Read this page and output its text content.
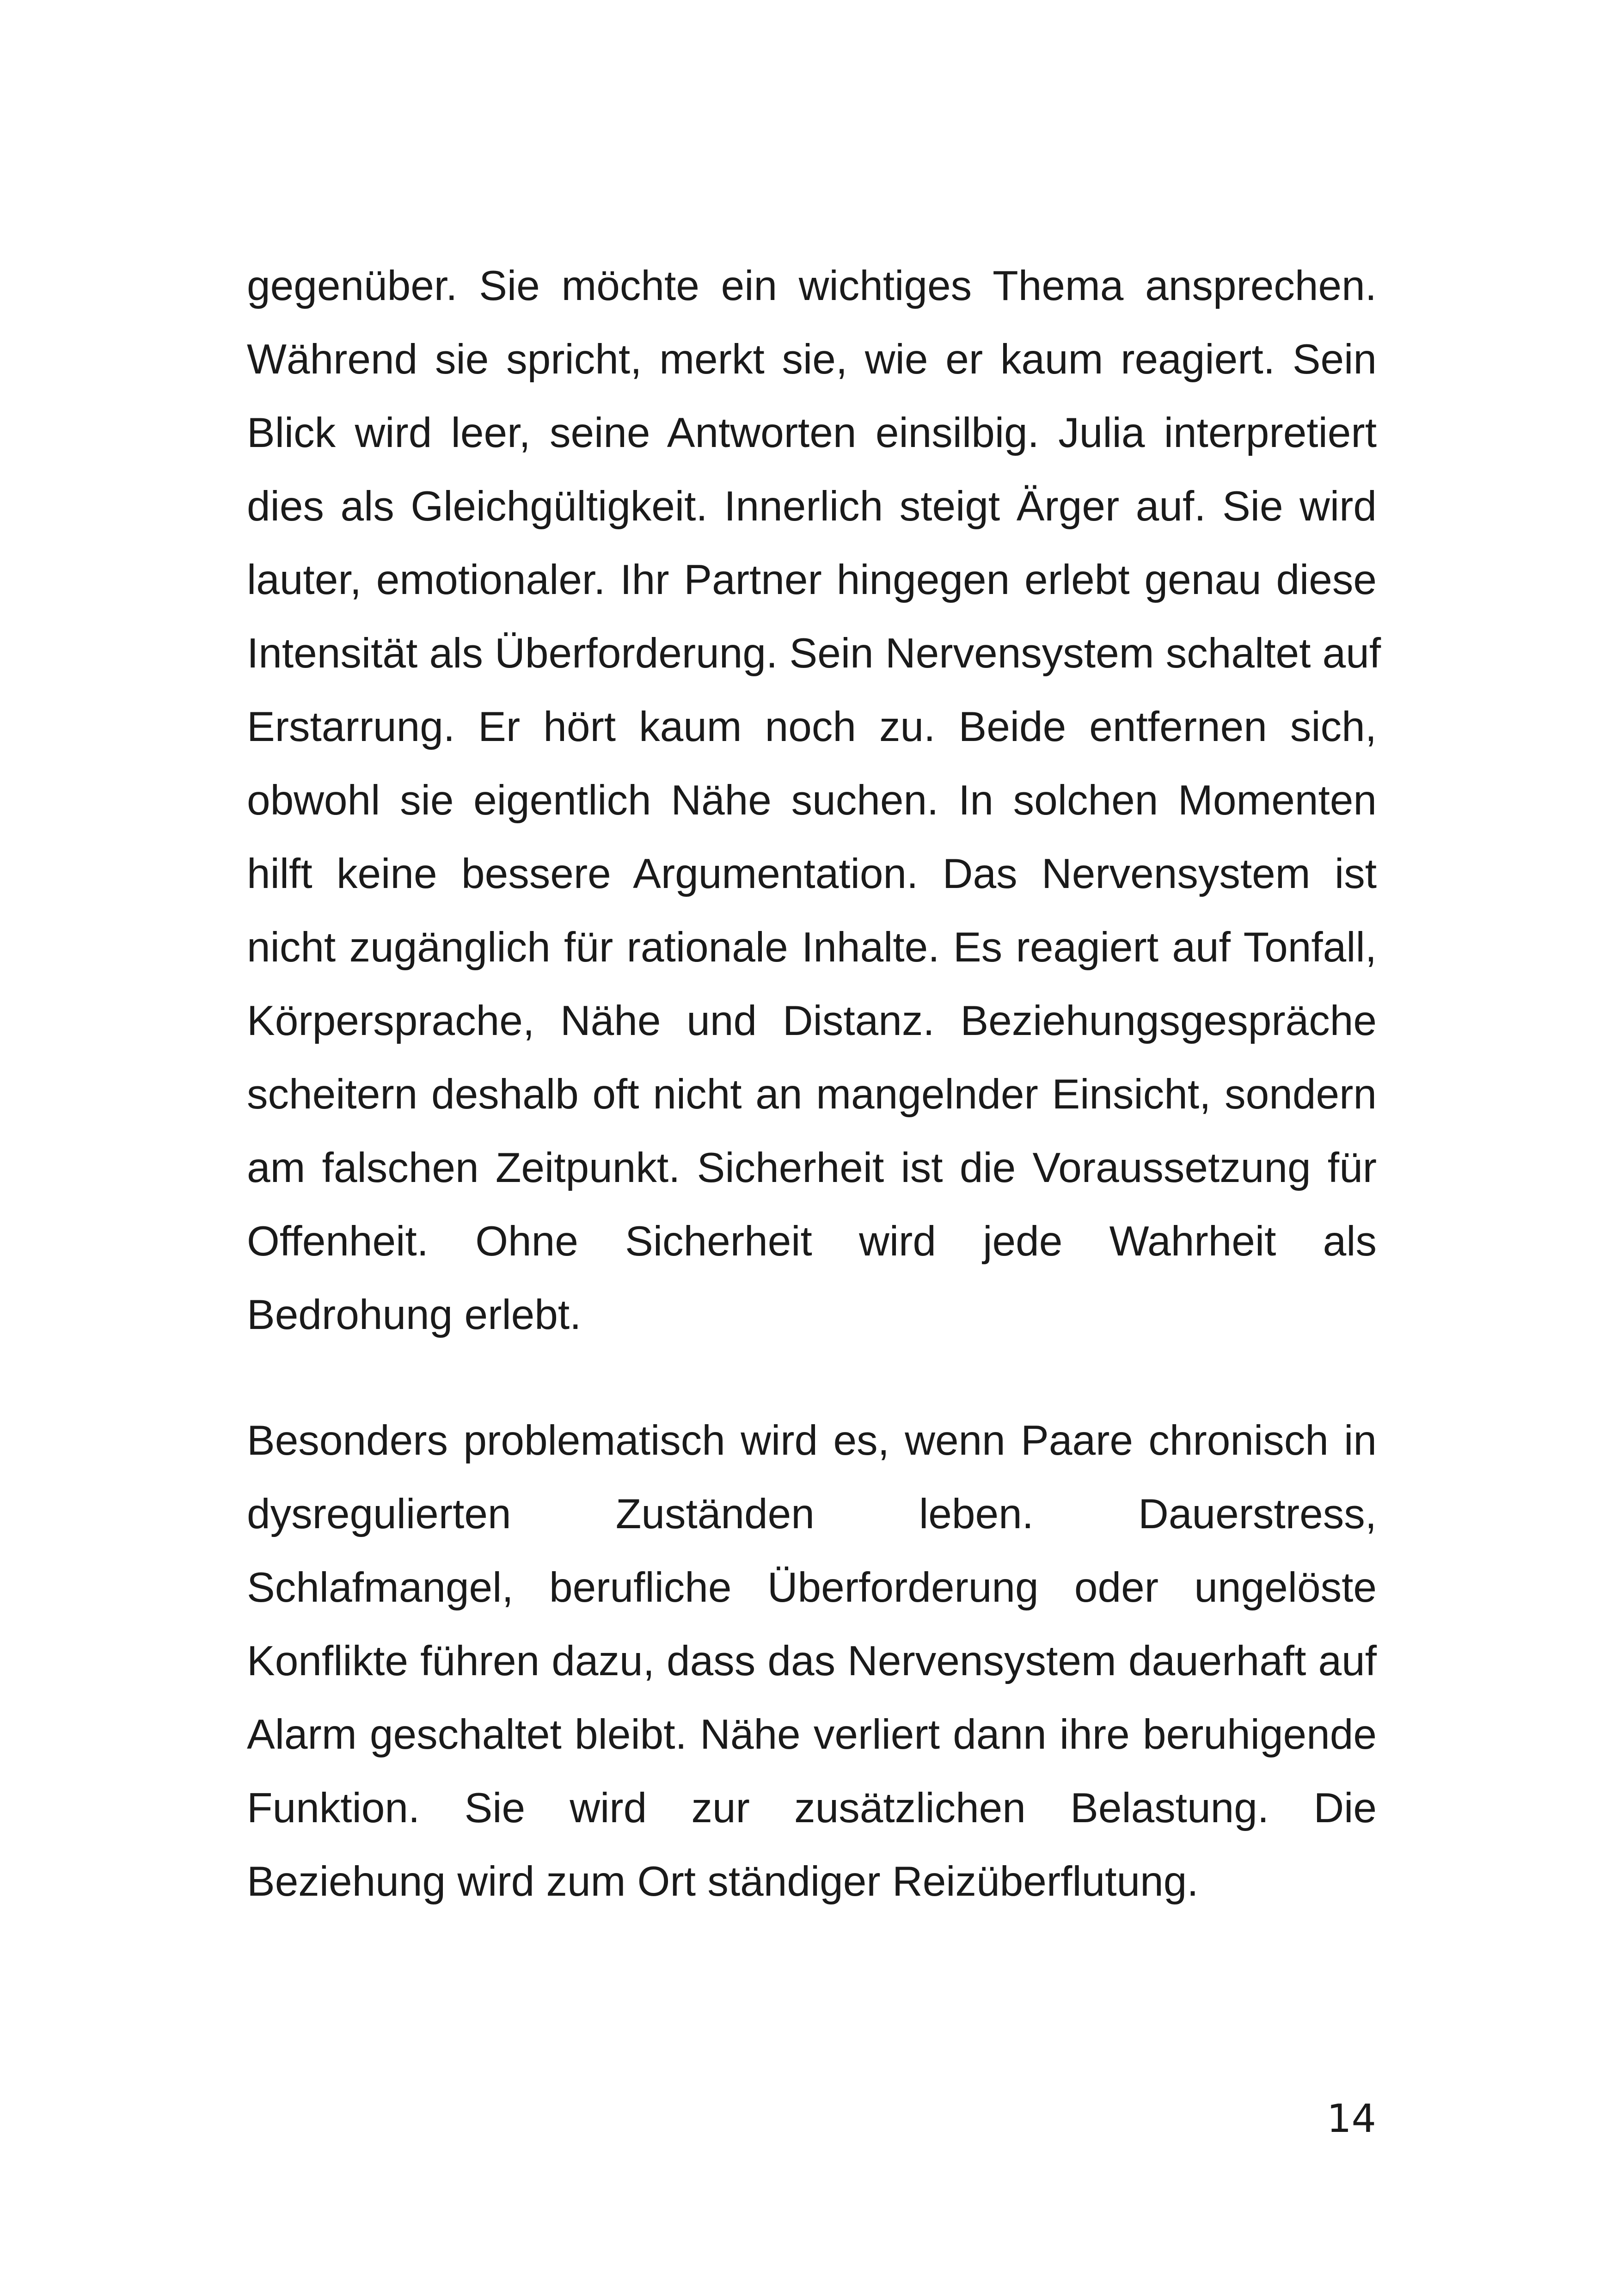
gegenüber. Sie möchte ein wichtiges Thema ansprechen.
Während sie spricht, merkt sie, wie er kaum reagiert. Sein
Blick wird leer, seine Antworten einsilbig. Julia interpretiert
dies als Gleichgültigkeit. Innerlich steigt Ärger auf. Sie wird
lauter, emotionaler. Ihr Partner hingegen erlebt genau diese
Intensität als Überforderung. Sein Nervensystem schaltet auf
Erstarrung. Er hört kaum noch zu. Beide entfernen sich,
obwohl sie eigentlich Nähe suchen. In solchen Momenten
hilft keine bessere Argumentation. Das Nervensystem ist
nicht zugänglich für rationale Inhalte. Es reagiert auf Tonfall,
Körpersprache, Nähe und Distanz. Beziehungsgespräche
scheitern deshalb oft nicht an mangelnder Einsicht, sondern
am falschen Zeitpunkt. Sicherheit ist die Voraussetzung für
Offenheit. Ohne Sicherheit wird jede Wahrheit als
Bedrohung erlebt.
Besonders problematisch wird es, wenn Paare chronisch in
dysregulierten Zuständen leben. Dauerstress,
Schlafmangel, berufliche Überforderung oder ungelöste
Konflikte führen dazu, dass das Nervensystem dauerhaft auf
Alarm geschaltet bleibt. Nähe verliert dann ihre beruhigende
Funktion. Sie wird zur zusätzlichen Belastung. Die
Beziehung wird zum Ort ständiger Reizüberflutung.
14
